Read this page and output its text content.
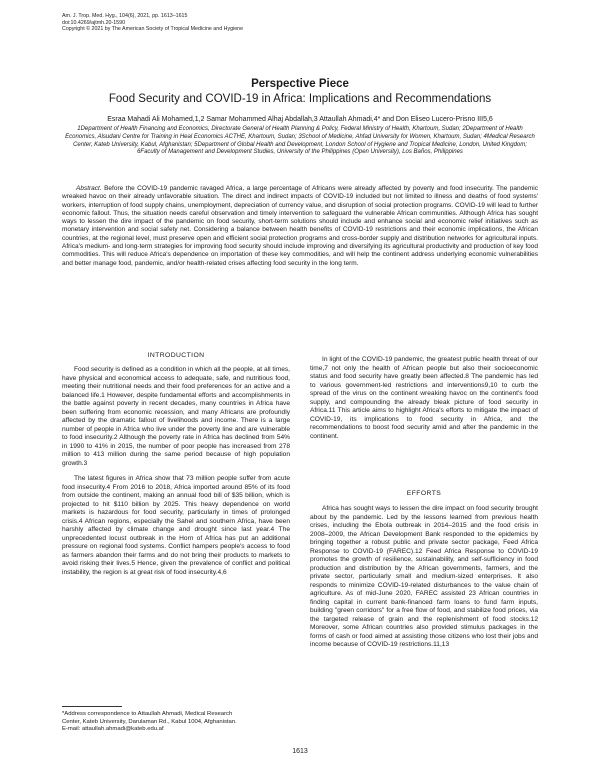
Am. J. Trop. Med. Hyg., 104(6), 2021, pp. 1613–1615
doi:10.4269/ajtmh.20-1590
Copyright © 2021 by The American Society of Tropical Medicine and Hygiene
Perspective Piece
Food Security and COVID-19 in Africa: Implications and Recommendations
Esraa Mahadi Ali Mohamed,1,2 Samar Mohammed Alhaj Abdallah,3 Attaullah Ahmadi,4* and Don Eliseo Lucero-Prisno III5,6
1Department of Health Financing and Economics, Directorate General of Health Planning & Policy, Federal Ministry of Health, Khartoum, Sudan; 2Department of Health Economics, Alsudani Centre for Training in Heal Economics ACTHE, Khartoum, Sudan; 3School of Medicine, Ahfad University for Women, Khartoum, Sudan; 4Medical Research Center, Kateb University, Kabul, Afghanistan; 5Department of Global Health and Development, London School of Hygiene and Tropical Medicine, London, United Kingdom; 6Faculty of Management and Development Studies, University of the Philippines (Open University), Los Baños, Philippines
Abstract. Before the COVID-19 pandemic ravaged Africa, a large percentage of Africans were already affected by poverty and food insecurity. The pandemic wreaked havoc on their already unfavorable situation. The direct and indirect impacts of COVID-19 included but not limited to illness and deaths of food systems' workers, interruption of food supply chains, unemployment, depreciation of currency value, and disruption of social protection programs. COVID-19 will lead to further economic fallout. Thus, the situation needs careful observation and timely intervention to safeguard the vulnerable African communities. Although Africa has sought ways to lessen the dire impact of the pandemic on food security, short-term solutions should include and enhance social and economic relief initiatives such as monetary intervention and social safety net. Considering a balance between health benefits of COVID-19 restrictions and their economic implications, the African countries, at the regional level, must preserve open and efficient social protection programs and cross-border supply and distribution networks for agricultural inputs. Africa's medium- and long-term strategies for improving food security should include improving and diversifying its agricultural productivity and production of key food commodities. This will reduce Africa's dependence on importation of these key commodities, and will help the continent address underlying economic vulnerabilities and better manage food, pandemic, and/or health-related crises affecting food security in the long term.
INTRODUCTION

Food security is defined as a condition in which all the people, at all times, have physical and economical access to adequate, safe, and nutritious food, meeting their nutritional needs and their food preferences for an active and a balanced life.1 However, despite fundamental efforts and accomplishments in the battle against poverty in recent decades, many countries in Africa have been suffering from economic recession, and many Africans are profoundly affected by the dramatic fallout of livelihoods and income. There is a large number of people in Africa who live under the poverty line and are vulnerable to food insecurity.2 Although the poverty rate in Africa has declined from 54% in 1990 to 41% in 2015, the number of poor people has increased from 278 million to 413 million during the same period because of high population growth.3

The latest figures in Africa show that 73 million people suffer from acute food insecurity.4 From 2016 to 2018, Africa imported around 85% of its food from outside the continent, making an annual food bill of $35 billion, which is projected to hit $110 billion by 2025. This heavy dependence on world markets is hazardous for food security, particularly in times of prolonged crisis.4 African regions, especially the Sahel and southern Africa, have been harshly affected by climate change and drought since last year.4 The unprecedented locust outbreak in the Horn of Africa has put an additional pressure on regional food systems. Conflict hampers people's access to food as farmers abandon their farms and do not bring their products to markets to avoid risking their lives.5 Hence, given the prevalence of conflict and political instability, the region is at great risk of food insecurity.4,6

In light of the COVID-19 pandemic, the greatest public health threat of our time,7 not only the health of African people but also their socioeconomic status and food security have greatly been affected.8 The pandemic has led to various government-led restrictions and interventions9,10 to curb the spread of the virus on the continent wreaking havoc on the continent's food supply, and compounding the already bleak picture of food security in Africa.11 This article aims to highlight Africa's efforts to mitigate the impact of COVID-19, its implications to food security in Africa, and the recommendations to boost food security amid and after the pandemic in the continent.

EFFORTS

Africa has sought ways to lessen the dire impact on food security brought about by the pandemic. Led by the lessons learned from previous health crises, including the Ebola outbreak in 2014–2015 and the food crisis in 2008–2009, the African Development Bank responded to the epidemics by bringing together a robust public and private sector package, Feed Africa Response to COVID-19 (FAREC).12 Feed Africa Response to COVID-19 promotes the growth of resilience, sustainability, and self-sufficiency in food production and distribution by the African governments, farmers, and the private sector, particularly small and medium-sized enterprises. It also responds to minimize COVID-19-related disturbances to the value chain of agriculture. As of mid-June 2020, FAREC assisted 23 African countries in finding capital in current bank-financed farm loans to fund farm inputs, building "green corridors" for a free flow of food, and stabilize food prices, via the targeted release of grain and the replenishment of food stocks.12 Moreover, some African countries also provided stimulus packages in the forms of cash or food aimed at assisting those citizens who lost their jobs and income because of COVID-19 restrictions.11,13

*Address correspondence to Attaullah Ahmadi, Medical Research
Center, Kateb University, Darulaman Rd., Kabul 1004, Afghanistan.
E-mail: attaullah.ahmadi@kateb.edu.af
1613
